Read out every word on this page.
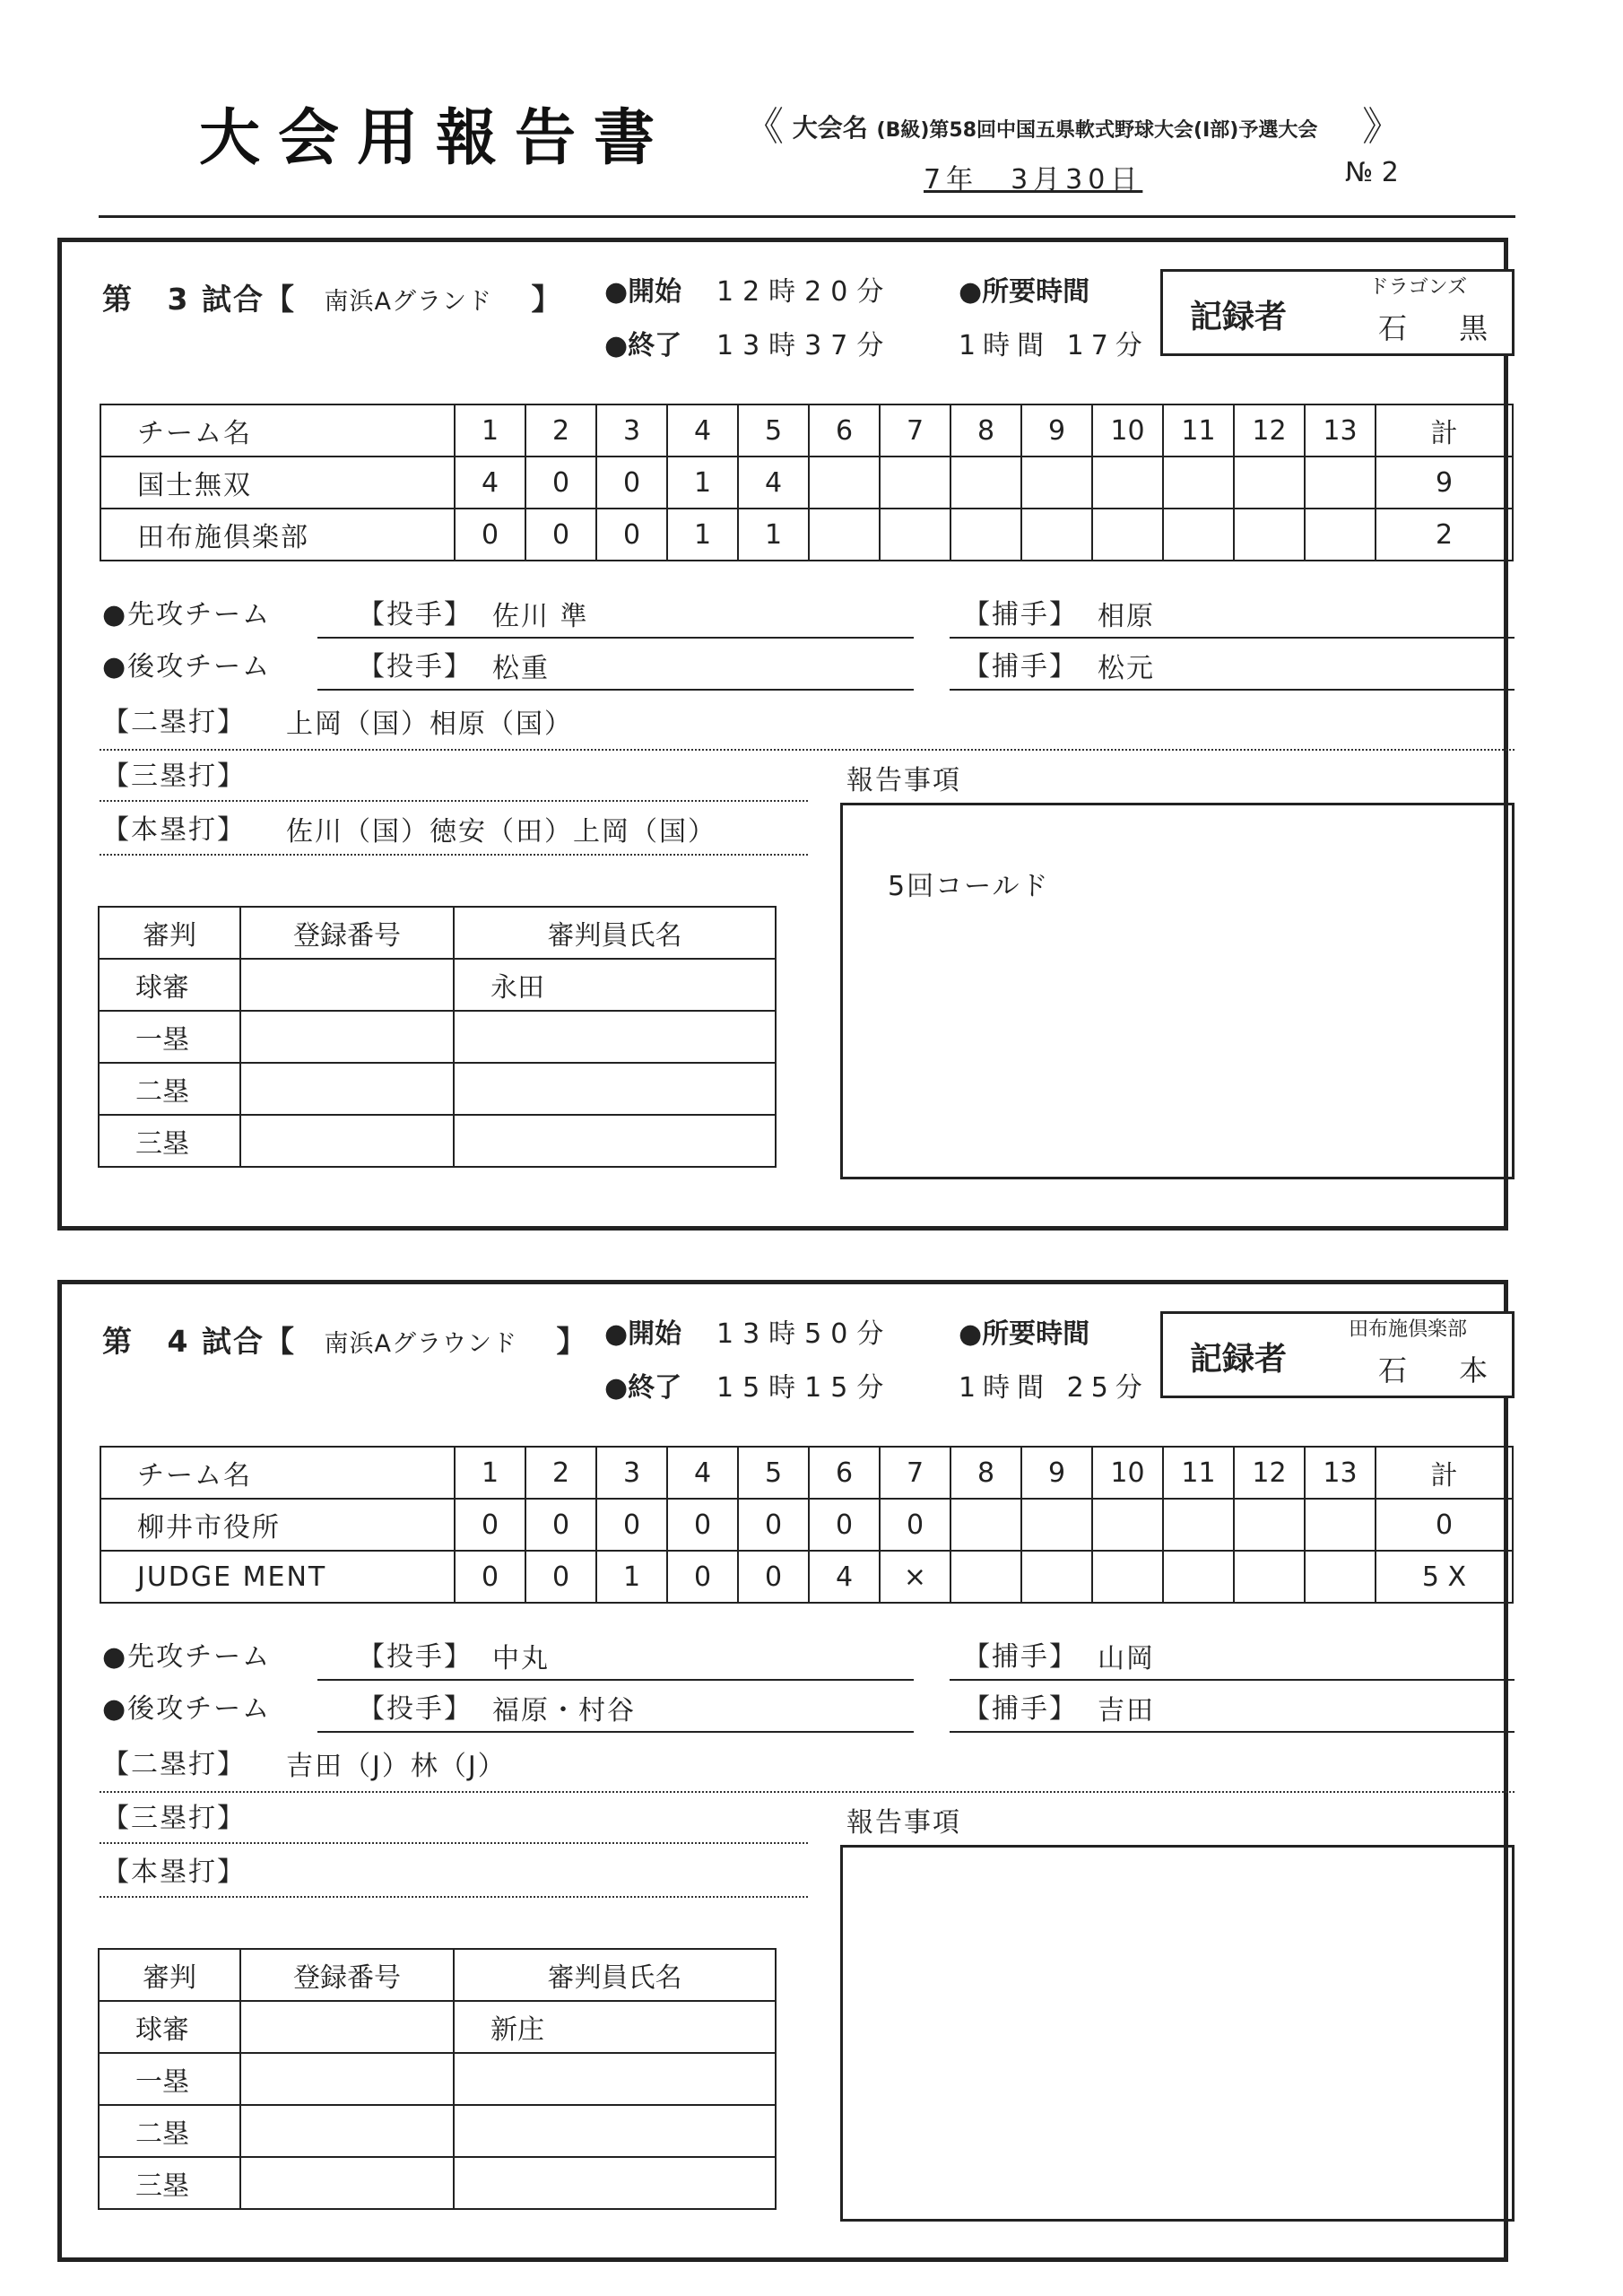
大会用報告書 《 大会名 (B級)第58回中国五県軟式野球大会(Ⅰ部)予選大会 》
7年　3月30日	№ 2
第 3 試合【 南浜Aグランド 】 ●開始 12時20分
●終了 13時37分
●所要時間
1時間 17分
記録者
ドラゴンズ
石 黒
チーム名	1	2	3	4	5	6	7	8	9	10	11	12	13	計
国士無双	4	0	0	1	4									9
田布施倶楽部	0	0	0	1	1									2
●先攻チーム	【投手】 佐川 準	【捕手】 相原
●後攻チーム	【投手】 松重	【捕手】 松元
【二塁打】 上岡（国）相原（国）
【三塁打】
【本塁打】 佐川（国）徳安（田）上岡（国）
報告事項
5回コールド
審判	登録番号	審判員氏名
球審		永田
一塁		
二塁		
三塁		
第 4 試合【 南浜Aグラウンド 】 ●開始 13時50分
●終了 15時15分
●所要時間
1時間 25分
記録者
田布施倶楽部
石 本
チーム名	1	2	3	4	5	6	7	8	9	10	11	12	13	計
柳井市役所	0	0	0	0	0	0	0							0
JUDGE MENT	0	0	1	0	0	4	×							5 X
●先攻チーム	【投手】 中丸	【捕手】 山岡
●後攻チーム	【投手】 福原・村谷	【捕手】 吉田
【二塁打】 吉田（J）林（J）
【三塁打】
【本塁打】
報告事項
審判	登録番号	審判員氏名
球審		新庄
一塁		
二塁		
三塁		
